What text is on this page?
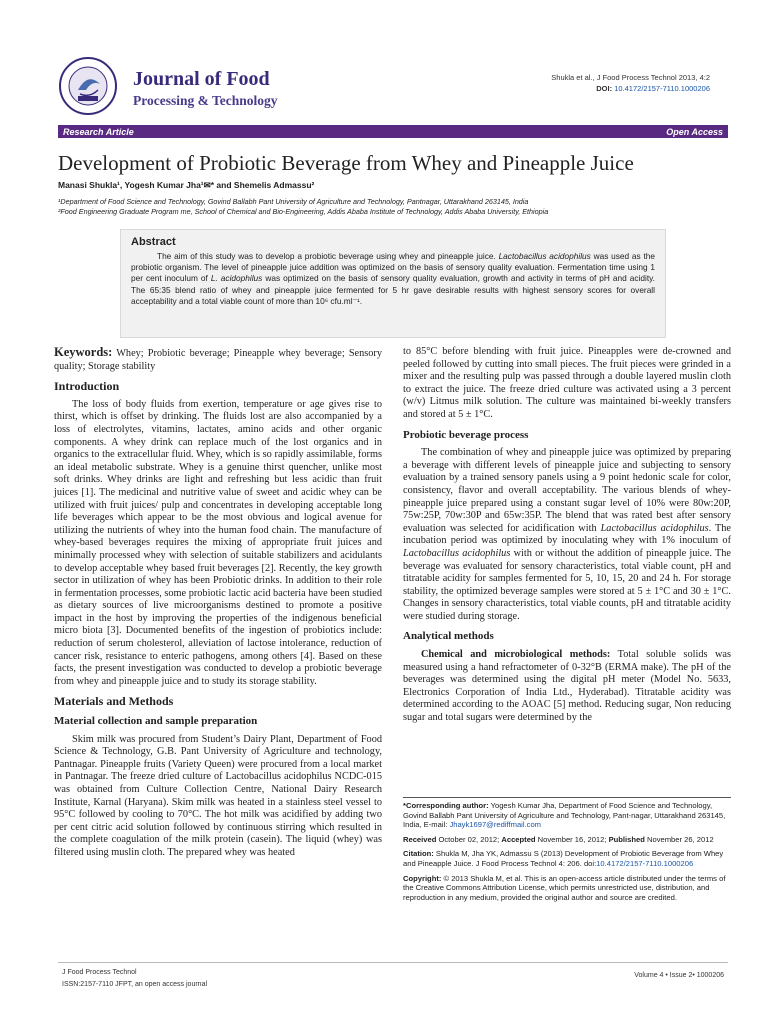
Journal of Food
Processing & Technology
Shukla et al., J Food Process Technol 2013, 4:2
DOI: 10.4172/2157-7110.1000206
Research Article	Open Access
Development of Probiotic Beverage from Whey and Pineapple Juice
Manasi Shukla¹, Yogesh Kumar Jha¹✉* and Shemelis Admassu²
¹Department of Food Science and Technology, Govind Ballabh Pant University of Agriculture and Technology, Pantnagar, Uttarakhand 263145, India
²Food Engineering Graduate Program me, School of Chemical and Bio-Engineering, Addis Ababa Institute of Technology, Addis Ababa University, Ethiopia
Abstract

The aim of this study was to develop a probiotic beverage using whey and pineapple juice. Lactobacillus acidophilus was used as the probiotic organism. The level of pineapple juice addition was optimized on the basis of sensory quality evaluation. Fermentation time using 1 per cent inoculum of L. acidophilus was optimized on the basis of sensory quality evaluation, growth and activity in terms of pH and acidity. The 65:35 blend ratio of whey and pineapple juice fermented for 5 hr gave desirable results with highest sensory scores for overall acceptability and a total viable count of more than 10⁶ cfu.ml⁻¹.

Keywords: Whey; Probiotic beverage; Pineapple whey beverage; Sensory quality; Storage stability

Introduction

The loss of body fluids from exertion, temperature or age gives rise to thirst, which is offset by drinking. The fluids lost are also accompanied by a loss of electrolytes, vitamins, lactates, amino acids and other organic components. A whey drink can replace much of the lost organics and in organics to the extracellular fluid. Whey, which is so rapidly assimilable, forms an ideal metabolic substrate. Whey is a genuine thirst quencher, unlike most soft drinks. Whey drinks are light and refreshing but less acidic than fruit juices [1]. The medicinal and nutritive value of sweet and acidic whey can be utilized with fruit juices/ pulp and concentrates in developing acceptable long life beverages which appear to be the most obvious and logical avenue for utilizing the nutrients of whey into the human food chain. The manufacture of whey-based beverages requires the mixing of appropriate fruit juices and minimally processed whey with selection of suitable stabilizers and acidulants to develop acceptable whey based fruit beverages [2]. Recently, the key growth sector in utilization of whey has been Probiotic drinks. In addition to their role in fermentation processes, some probiotic lactic acid bacteria have been studied as dietary sources of live microorganisms destined to promote a positive impact in the host by improving the properties of the indigenous beneficial micro biota [3]. Documented benefits of the ingestion of probiotics include: reduction of serum cholesterol, alleviation of lactose intolerance, reduction of cancer risk, resistance to enteric pathogens, among others [4]. Based on these facts, the present investigation was conducted to develop a probiotic beverage from whey and pineapple juice and to study its storage stability.

Materials and Methods
Material collection and sample preparation

Skim milk was procured from Student’s Dairy Plant, Department of Food Science & Technology, G.B. Pant University of Agriculture and technology, Pantnagar. Pineapple fruits (Variety Queen) were procured from a local market in Pantnagar. The freeze dried culture of Lactobacillus acidophilus NCDC-015 was obtained from Culture Collection Centre, National Dairy Research Institute, Karnal (Haryana). Skim milk was heated in a stainless steel vessel to 95°C followed by cooling to 70°C. The hot milk was acidified by adding two per cent citric acid solution followed by continuous stirring which resulted in the complete coagulation of the milk protein (casein). The liquid (whey) was filtered using muslin cloth. The prepared whey was heated

to 85°C before blending with fruit juice. Pineapples were de-crowned and peeled followed by cutting into small pieces. The fruit pieces were grinded in a mixer and the resulting pulp was passed through a double layered muslin cloth to extract the juice. The freeze dried culture was activated using a 3 percent (w/v) Litmus milk solution. The culture was maintained bi-weekly transfers and stored at 5 ± 1°C.

Probiotic beverage process

The combination of whey and pineapple juice was optimized by preparing a beverage with different levels of pineapple juice and subjecting to sensory evaluation by a trained sensory panels using a 9 point hedonic scale for color, consistency, flavor and overall acceptability. The various blends of whey-pineapple juice prepared using a constant sugar level of 10% were 80w:20P, 75w:25P, 70w:30P and 65w:35P. The blend that was rated best after sensory evaluation was selected for acidification with Lactobacillus acidophilus. The incubation period was optimized by inoculating whey with 1% inoculum of Lactobacillus acidophilus with or without the addition of pineapple juice. The beverage was evaluated for sensory characteristics, total viable count, pH and titratable acidity for samples fermented for 5, 10, 15, 20 and 24 h. For storage stability, the optimized beverage samples were stored at 5 ± 1°C and 30 ± 1°C. Changes in sensory characteristics, total viable counts, pH and titratable acidity were studied during storage.

Analytical methods

Chemical and microbiological methods: Total soluble solids was measured using a hand refractometer of 0-32°B (ERMA make). The pH of the beverages was determined using the digital pH meter (Model No. 5633, Electronics Corporation of India Ltd., Hyderabad). Titratable acidity was determined according to the AOAC [5] method. Reducing sugar, Non reducing sugar and total sugars were determined by the

*Corresponding author: Yogesh Kumar Jha, Department of Food Science and Technology, Govind Ballabh Pant University of Agriculture and Technology, Pant-nagar, Uttarakhand 263145, India, E-mail: Jhayk1697@rediffmail.com

Received October 02, 2012; Accepted November 16, 2012; Published November 26, 2012

Citation: Shukla M, Jha YK, Admassu S (2013) Development of Probiotic Beverage from Whey and Pineapple Juice. J Food Process Technol 4: 206. doi:10.4172/2157-7110.1000206

Copyright: © 2013 Shukla M, et al. This is an open-access article distributed under the terms of the Creative Commons Attribution License, which permits unrestricted use, distribution, and reproduction in any medium, provided the original author and source are credited.

J Food Process Technol
ISSN:2157-7110 JFPT, an open access journal
Volume 4 • Issue 2• 1000206
